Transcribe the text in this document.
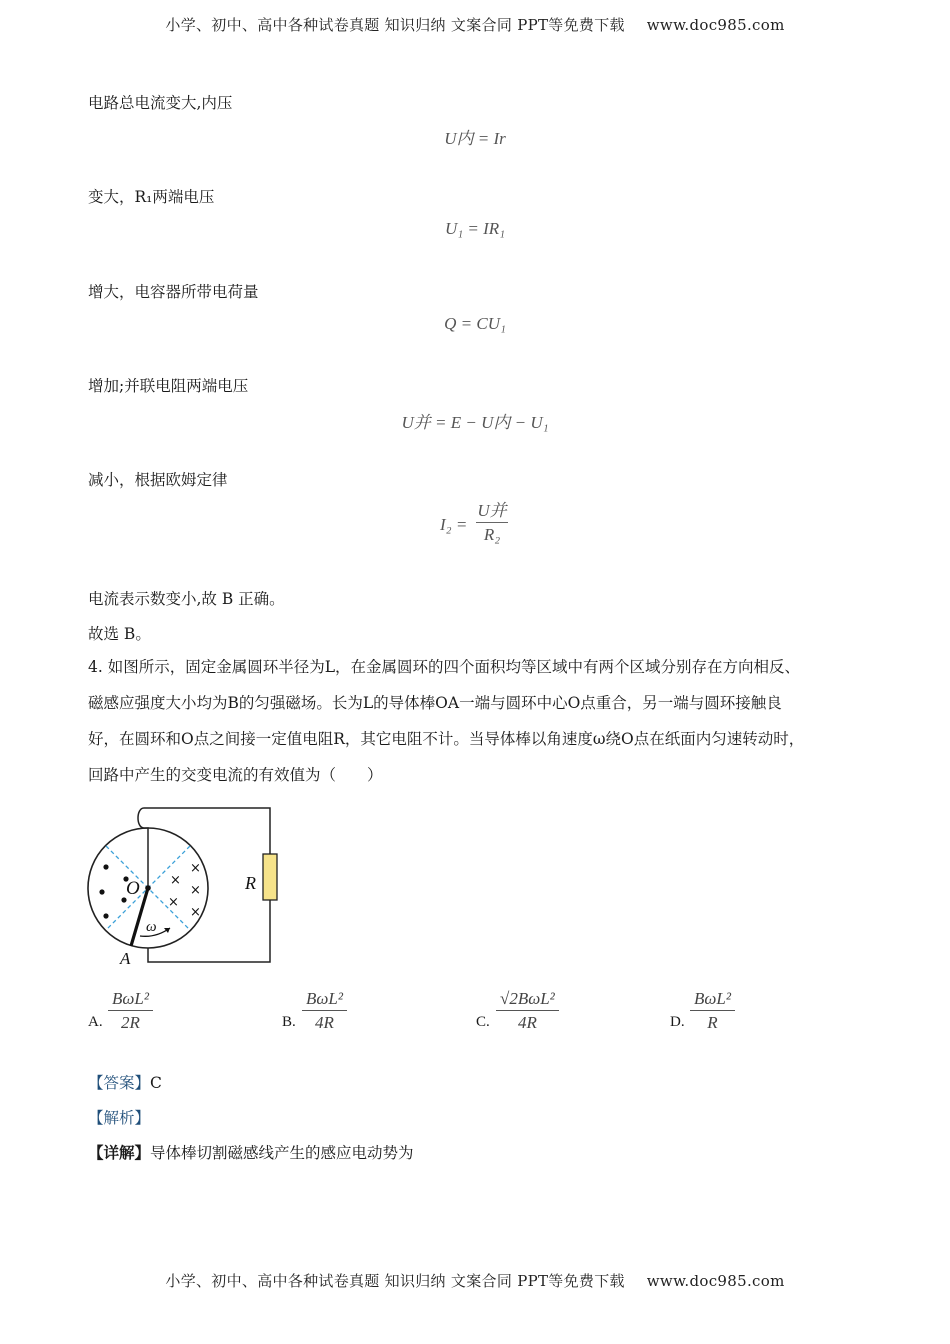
小学、初中、高中各种试卷真题 知识归纳 文案合同 PPT等免费下载 www.doc985.com
电路总电流变大,内压
U内 = Ir
变大，R₁两端电压
U₁ = IR₁
增大，电容器所带电荷量
Q = CU₁
增加;并联电阻两端电压
U并 = E − U内 − U₁
减小，根据欧姆定律
I₂ =
U并
R₂
电流表示数变小,故 B 正确。
故选 B。
4. 如图所示，固定金属圆环半径为L，在金属圆环的四个面积均等区域中有两个区域分别存在方向相反、
磁感应强度大小均为B的匀强磁场。长为L的导体棒OA一端与圆环中心O点重合，另一端与圆环接触良
好，在圆环和O点之间接一定值电阻R，其它电阻不计。当导体棒以角速度ω绕O点在纸面内匀速转动时，
回路中产生的交变电流的有效值为（　　）
×
×
×
×
×
O
A
ω
R
A.
BωL²
2R	B.
BωL²
4R	C.
√2BωL²
4R	D.
BωL²
R
【答案】C
【解析】
【详解】导体棒切割磁感线产生的感应电动势为
小学、初中、高中各种试卷真题 知识归纳 文案合同 PPT等免费下载 www.doc985.com
